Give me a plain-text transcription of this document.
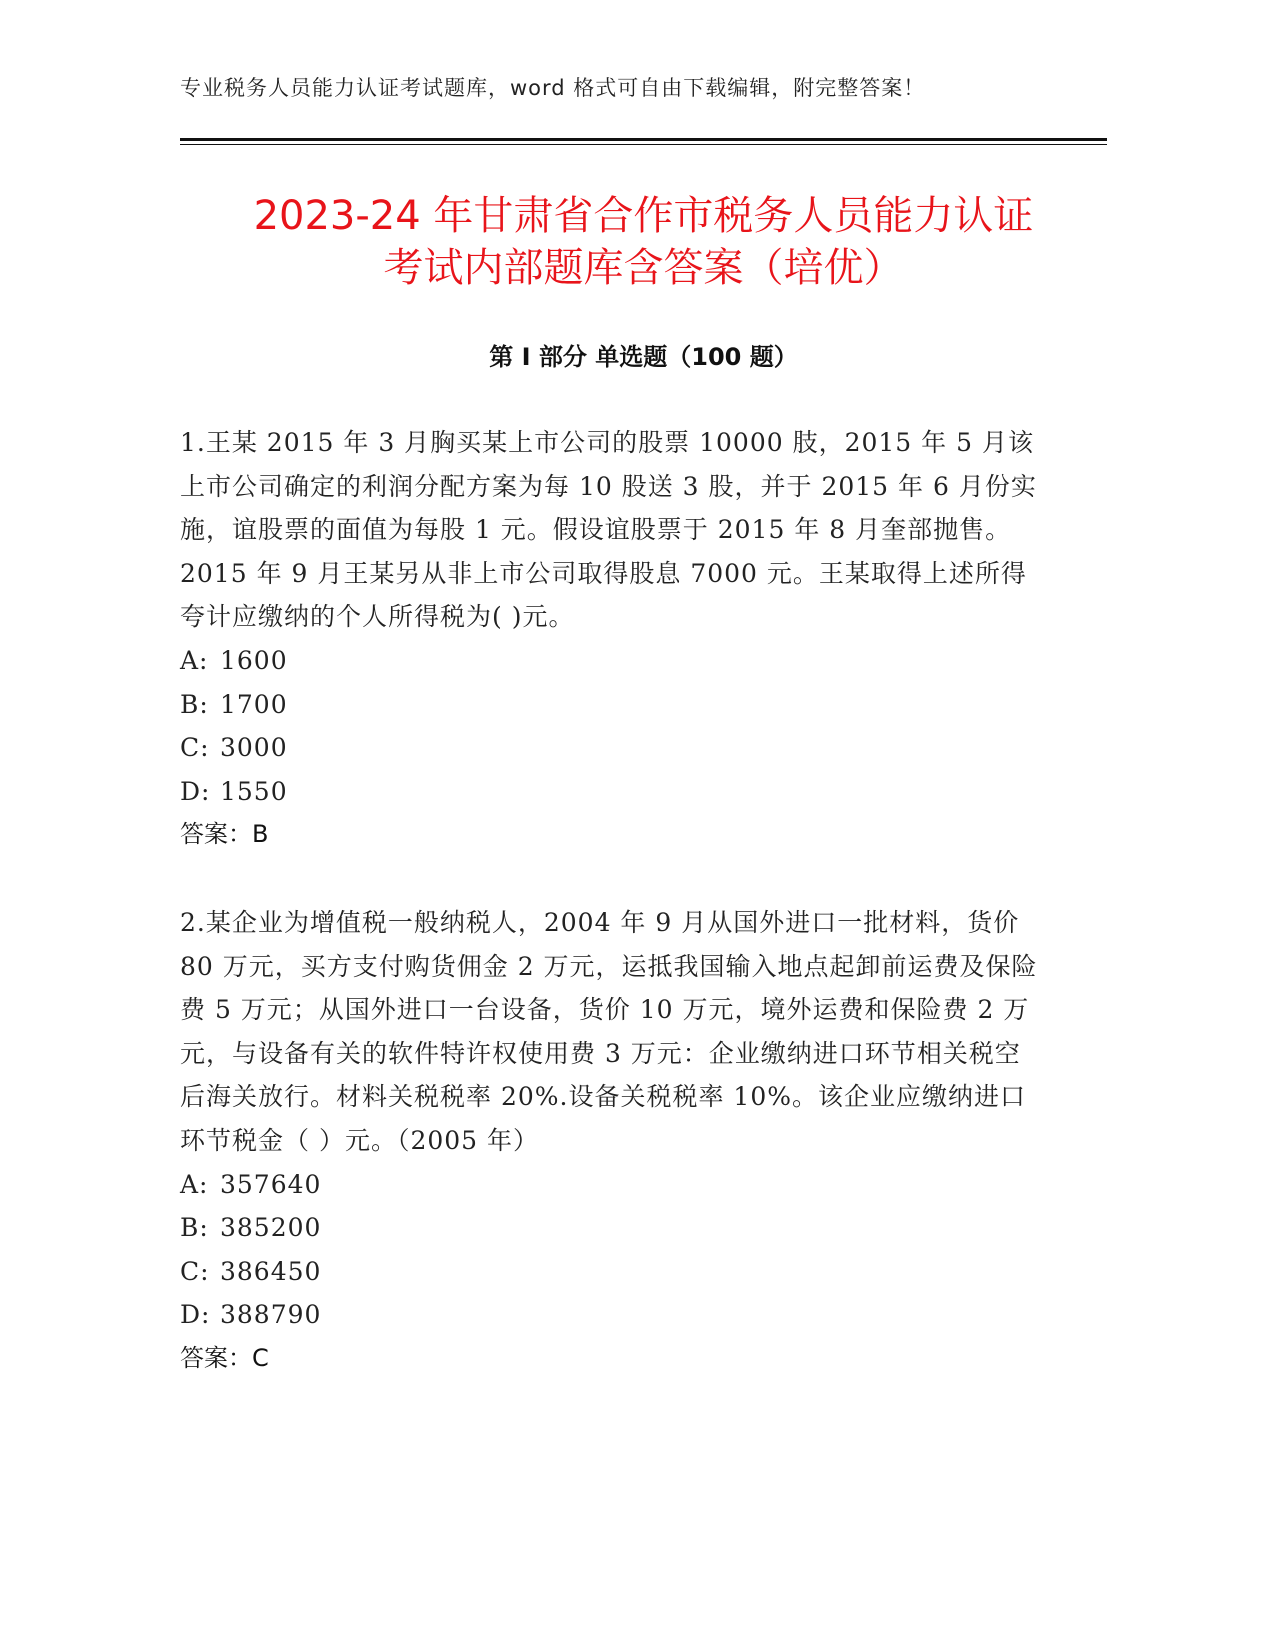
专业税务人员能力认证考试题库，word 格式可自由下载编辑，附完整答案！
2023-24 年甘肃省合作市税务人员能力认证
考试内部题库含答案（培优）
第 I 部分 单选题（100 题）

1.王某 2015 年 3 月胸买某上市公司的股票 10000 肢，2015 年 5 月该上市公司确定的利润分配方案为每 10 股送 3 股，并于 2015 年 6 月份实施，谊股票的面值为每股 1 元。假设谊股票于 2015 年 8 月奎部抛售。2015 年 9 月王某另从非上市公司取得股息 7000 元。王某取得上述所得夸计应缴纳的个人所得税为( )元。

A: 1600

B: 1700

C: 3000

D: 1550

答案：B

2.某企业为增值税一般纳税人，2004 年 9 月从国外进口一批材料，货价 80 万元，买方支付购货佣金 2 万元，运抵我国输入地点起卸前运费及保险费 5 万元；从国外进口一台设备，货价 10 万元，境外运费和保险费 2 万元，与设备有关的软件特许权使用费 3 万元：企业缴纳进口环节相关税空后海关放行。材料关税税率 20%.设备关税税率 10%。该企业应缴纳进口环节税金（ ）元。（2005 年）

A: 357640

B: 385200

C: 386450

D: 388790

答案：C
